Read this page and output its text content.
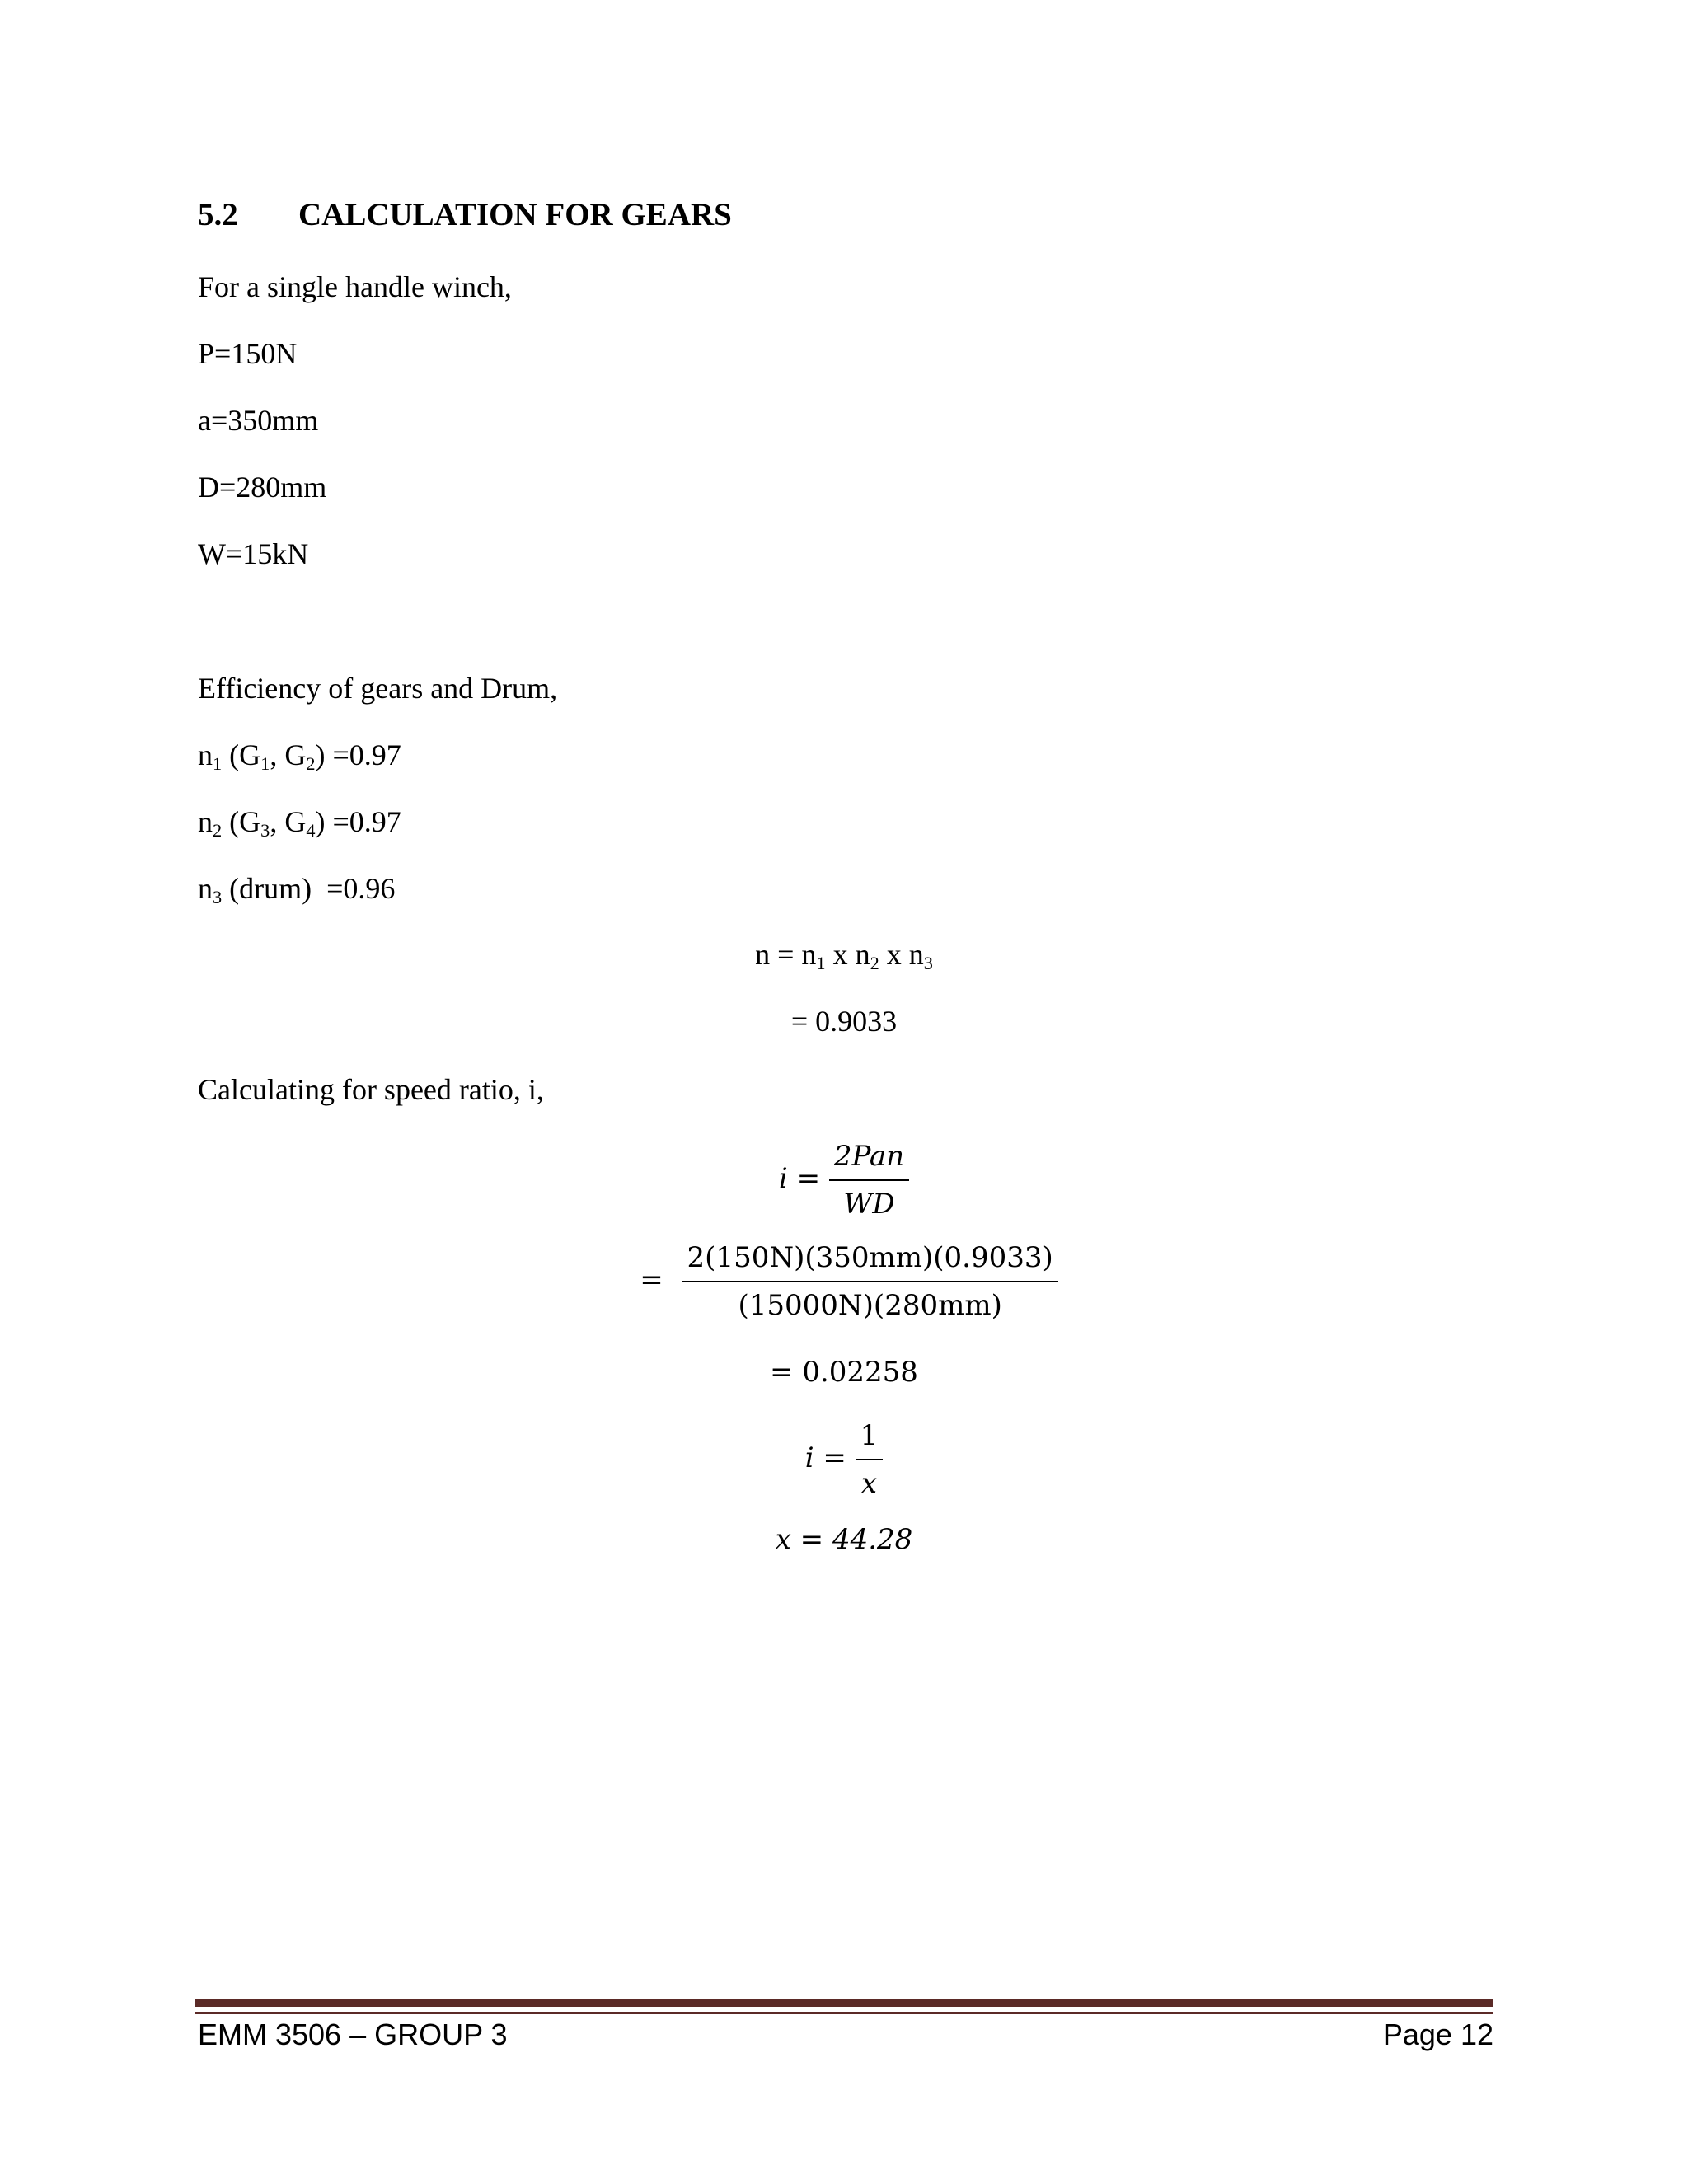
5.2 CALCULATION FOR GEARS
For a single handle winch,
P=150N
a=350mm
D=280mm
W=15kN
Efficiency of gears and Drum,
$n_1$ ($G_1$, $G_2) =0.97$
$n_2$ ($G_3$, $G_4) =0.97$
$n_3$ (drum) =0.96
$n = n_1$ x $n_2$ x $n_3$
= 0.9033
Calculating for speed ratio, i,
$i = \frac{\text{2Pan}}{WD}$
= $\frac{2(150N)(350mm)(0.9033)}{(15000N)(280mm)}$
= 0.02258
$i = \frac{1}{x}$
x = 44.28
EMM 3506 – GROUP 3	Page 12
